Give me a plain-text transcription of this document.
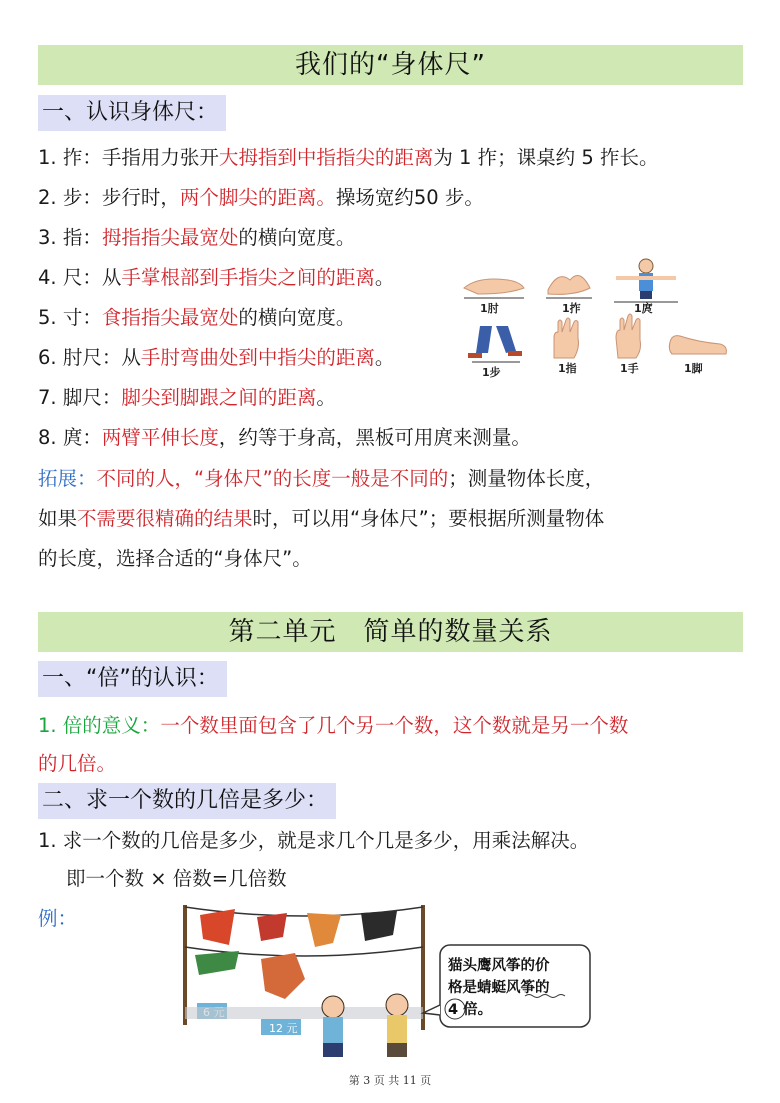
我们的“身体尺”
一、认识身体尺：
1. 拃：手指用力张开大拇指到中指指尖的距离为 1 拃；课桌约 5 拃长。
2. 步：步行时，两个脚尖的距离。操场宽约50 步。
3. 指：拇指指尖最宽处的横向宽度。
4. 尺：从手掌根部到手指尖之间的距离。
5. 寸：食指指尖最宽处的横向宽度。
6. 肘尺：从手肘弯曲处到中指尖的距离。
7. 脚尺：脚尖到脚跟之间的距离。
8. 庹：两臂平伸长度，约等于身高，黑板可用庹来测量。
1肘	1拃	1庹
1步	1指	1手	1脚
拓展：不同的人，“身体尺”的长度一般是不同的；测量物体长度，
如果不需要很精确的结果时，可以用“身体尺”；要根据所测量物体
的长度，选择合适的“身体尺”。
第二单元　简单的数量关系
一、“倍”的认识：
1. 倍的意义：一个数里面包含了几个另一个数，这个数就是另一个数
的几倍。
二、求一个数的几倍是多少：
1. 求一个数的几倍是多少，就是求几个几是多少，用乘法解决。
即一个数 × 倍数=几倍数
例：
12 元
猫头鹰风筝的价
格是蜻蜓风筝的
4 倍。
第 3 页 共 11 页
